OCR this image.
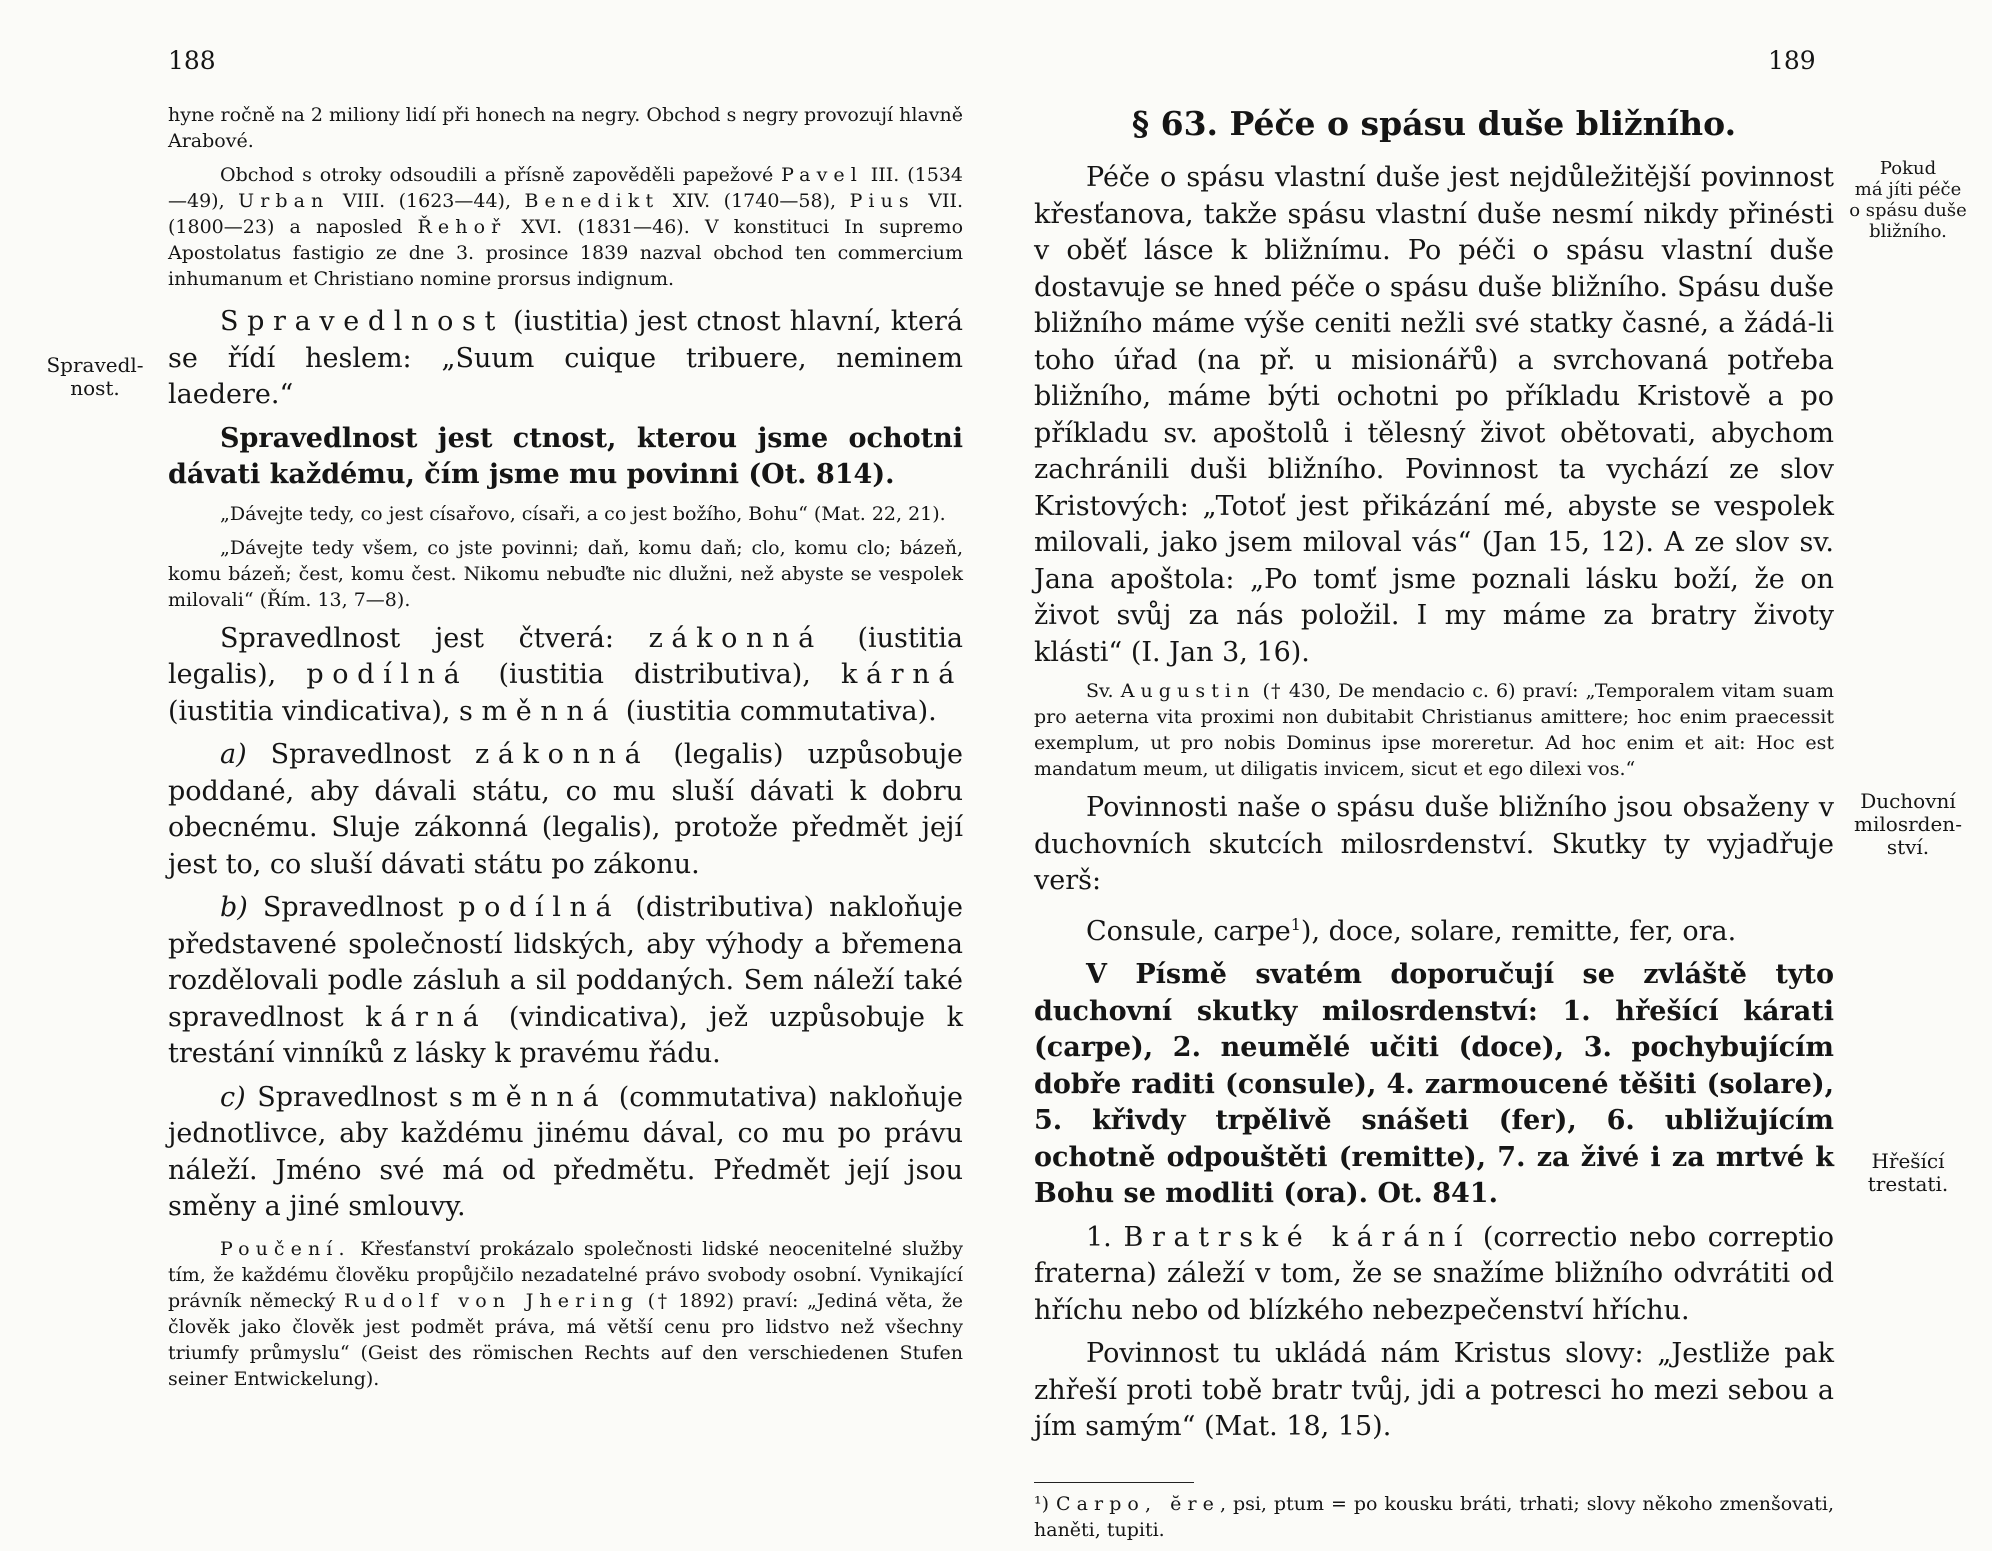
188
Spravedl-
nost.

hyne ročně na 2 miliony lidí při honech na negry. Obchod s negry provozují hlavně Arabové.

Obchod s otroky odsoudili a přísně zapověděli papežové Pavel III. (1534—49), Urban VIII. (1623—44), Benedikt XIV. (1740—58), Pius VII. (1800—23) a naposled Řehoř XVI. (1831—46). V konstituci In supremo Apostolatus fastigio ze dne 3. prosince 1839 nazval obchod ten commercium inhumanum et Christiano nomine prorsus indignum.

Spravedlnost (iustitia) jest ctnost hlavní, která se řídí heslem: „Suum cuique tribuere, neminem laedere.“

Spravedlnost jest ctnost, kterou jsme ochotni dávati každému, čím jsme mu povinni (Ot. 814).

„Dávejte tedy, co jest císařovo, císaři, a co jest božího, Bohu“ (Mat. 22, 21).

„Dávejte tedy všem, co jste povinni; daň, komu daň; clo, komu clo; bázeň, komu bázeň; čest, komu čest. Nikomu nebuďte nic dlužni, než abyste se vespolek milovali“ (Řím. 13, 7—8).

Spravedlnost jest čtverá: zákonná (iustitia legalis), podílná (iustitia distributiva), kárná (iustitia vindicativa), směnná (iustitia commutativa).

a) Spravedlnost zákonná (legalis) uzpůsobuje poddané, aby dávali státu, co mu sluší dávati k dobru obecnému. Sluje zákonná (legalis), protože předmět její jest to, co sluší dávati státu po zákonu.

b) Spravedlnost podílná (distributiva) nakloňuje představené společností lidských, aby výhody a břemena rozdělovali podle zásluh a sil poddaných. Sem náleží také spravedlnost kárná (vindicativa), jež uzpůsobuje k trestání vinníků z lásky k pravému řádu.

c) Spravedlnost směnná (commutativa) nakloňuje jednotlivce, aby každému jinému dával, co mu po právu náleží. Jméno své má od předmětu. Předmět její jsou směny a jiné smlouvy.

Poučení. Křesťanství prokázalo společnosti lidské neocenitelné služby tím, že každému člověku propůjčilo nezadatelné právo svobody osobní. Vynikající právník německý Rudolf von Jhering († 1892) praví: „Jediná věta, že člověk jako člověk jest podmět práva, má větší cenu pro lidstvo než všechny triumfy průmyslu“ (Geist des römischen Rechts auf den verschiedenen Stufen seiner Entwickelung).

189
Pokud
má jíti péče
o spásu duše
bližního.
Duchovní
milosrden-
ství.
Hřešící
trestati.
§ 63. Péče o spásu duše bližního.

Péče o spásu vlastní duše jest nejdůležitější povinnost křesťanova, takže spásu vlastní duše nesmí nikdy přinésti v oběť lásce k bližnímu. Po péči o spásu vlastní duše dostavuje se hned péče o spásu duše bližního. Spásu duše bližního máme výše ceniti nežli své statky časné, a žádá-li toho úřad (na př. u misionářů) a svrchovaná potřeba bližního, máme býti ochotni po příkladu Kristově a po příkladu sv. apoštolů i tělesný život obětovati, abychom zachránili duši bližního. Povinnost ta vychází ze slov Kristových: „Totoť jest přikázání mé, abyste se vespolek milovali, jako jsem miloval vás“ (Jan 15, 12). A ze slov sv. Jana apoštola: „Po tomť jsme poznali lásku boží, že on život svůj za nás položil. I my máme za bratry životy klásti“ (I. Jan 3, 16).

Sv. Augustin († 430, De mendacio c. 6) praví: „Temporalem vitam suam pro aeterna vita proximi non dubitabit Christianus amittere; hoc enim praecessit exemplum, ut pro nobis Dominus ipse moreretur. Ad hoc enim et ait: Hoc est mandatum meum, ut diligatis invicem, sicut et ego dilexi vos.“

Povinnosti naše o spásu duše bližního jsou obsaženy v duchovních skutcích milosrdenství. Skutky ty vyjadřuje verš:

Consule, carpe$^1$), doce, solare, remitte, fer, ora.

V Písmě svatém doporučují se zvláště tyto duchovní skutky milosrdenství: 1. hřešící kárati (carpe), 2. neumělé učiti (doce), 3. pochybujícím dobře raditi (consule), 4. zarmoucené těšiti (solare), 5. křivdy trpělivě snášeti (fer), 6. ubližujícím ochotně odpouštěti (remitte), 7. za živé i za mrtvé k Bohu se modliti (ora). Ot. 841.

1. Bratrské kárání (correctio nebo correptio fraterna) záleží v tom, že se snažíme bližního odvrátiti od hříchu nebo od blízkého nebezpečenství hříchu.

Povinnost tu ukládá nám Kristus slovy: „Jestliže pak zhřeší proti tobě bratr tvůj, jdi a potresci ho mezi sebou a jím samým“ (Mat. 18, 15).

¹) Carpo, ĕre, psi, ptum = po kousku bráti, trhati; slovy někoho zmenšovati, haněti, tupiti.
